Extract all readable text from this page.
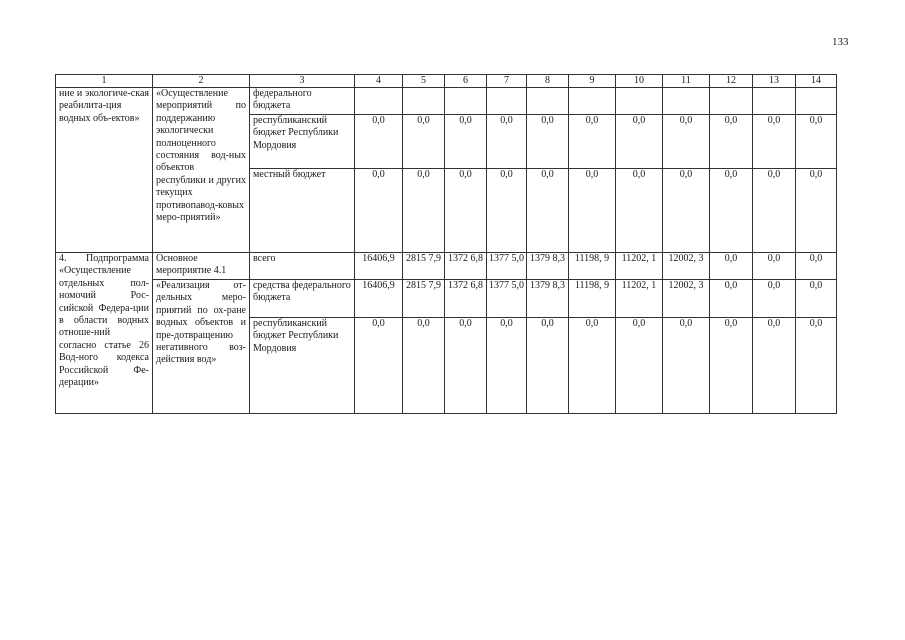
133
1	2	3	4	5	6	7	8	9	10	11	12	13	14
ние и экологиче-ская реабилита-ция водных объ-ектов»	«Осуществление мероприятий по поддержанию экологически полноценного состояния вод-ных объектов республики и других текущих противопавод-ковых меро-приятий»	федерального бюджета											
		республиканский бюджет Республики Мордовия	0,0	0,0	0,0	0,0	0,0	0,0	0,0	0,0	0,0	0,0	0,0
		местный бюджет	0,0	0,0	0,0	0,0	0,0	0,0	0,0	0,0	0,0	0,0	0,0
4. Подпрограмма «Осуществление отдельных пол-номочий Рос-сийской Федера-ции в области водных отноше-ний согласно статье 26 Вод-ного кодекса Российской Фе-дерации»	Основное мероприятие 4.1	всего	16406,9	2815 7,9	1372 6,8	1377 5,0	1379 8,3	11198, 9	11202, 1	12002, 3	0,0	0,0	0,0
	«Реализация от-дельных меро-приятий по ох-ране водных объектов и пре-дотвращению негативного воз-действия вод»	средства федерального бюджета	16406,9	2815 7,9	1372 6,8	1377 5,0	1379 8,3	11198, 9	11202, 1	12002, 3	0,0	0,0	0,0
		республиканский бюджет Республики Мордовия	0,0	0,0	0,0	0,0	0,0	0,0	0,0	0,0	0,0	0,0	0,0
